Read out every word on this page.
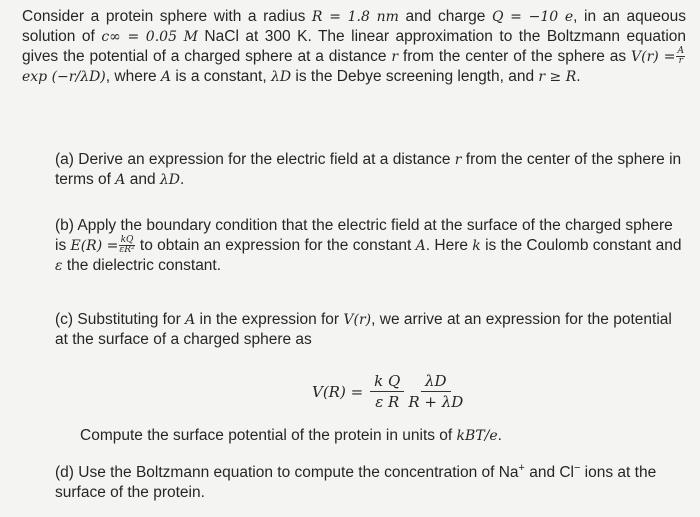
Consider a protein sphere with a radius R = 1.8 nm and charge Q = −10 e, in an aqueous solution of c∞ = 0.05 M NaCl at 300 K. The linear approximation to the Boltzmann equation gives the potential of a charged sphere at a distance r from the center of the sphere as $V(r) = \frac{A}{r}$
exp (−r/λD), where A is a constant, λD is the Debye screening length, and r ≥ R.

(a) Derive an expression for the electric field at a distance r from the center of the sphere in terms of A and λD.

(b) Apply the boundary condition that the electric field at the surface of the charged sphere is $E(R) = \frac{kQ}{\text{εR²}}$ to obtain an expression for the constant A. Here k is the Coulomb constant and ε the dielectric constant.

(c) Substituting for A in the expression for V(r), we arrive at an expression for the potential at the surface of a charged sphere as

$V(R) = \frac{\text{k Q}}{\text{ε R}} \frac{\lambda D}{R + \lambda D}$

Compute the surface potential of the protein in units of kBT/e.

(d) Use the Boltzmann equation to compute the concentration of Na+ and Cl− ions at the surface of the protein.
